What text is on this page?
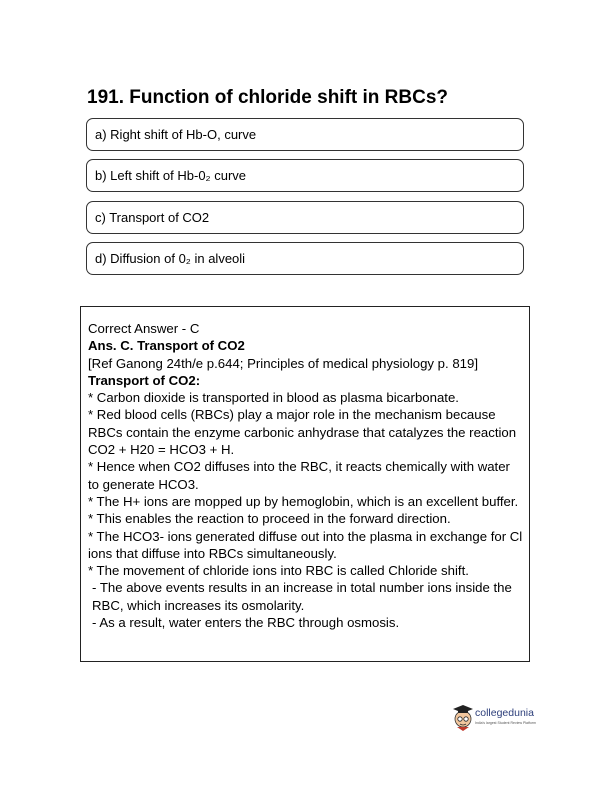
191. Function of chloride shift in RBCs?
a) Right shift of Hb-O, curve
b) Left shift of Hb-0₂ curve
c) Transport of CO2
d) Diffusion of 0₂ in alveoli
Correct Answer - C
Ans. C. Transport of CO2
[Ref Ganong 24th/e p.644; Principles of medical physiology p. 819]
Transport of CO2:
* Carbon dioxide is transported in blood as plasma bicarbonate.
* Red blood cells (RBCs) play a major role in the mechanism because RBCs contain the enzyme carbonic anhydrase that catalyzes the reaction CO2 + H20 = HCO3 + H.
* Hence when CO2 diffuses into the RBC, it reacts chemically with water to generate HCO3.
* The H+ ions are mopped up by hemoglobin, which is an excellent buffer.
* This enables the reaction to proceed in the forward direction.
* The HCO3- ions generated diffuse out into the plasma in exchange for Cl ions that diffuse into RBCs simultaneously.
* The movement of chloride ions into RBC is called Chloride shift.
- The above events results in an increase in total number ions inside the RBC, which increases its osmolarity.
- As a result, water enters the RBC through osmosis.
collegedunia
India's largest Student Review Platform
